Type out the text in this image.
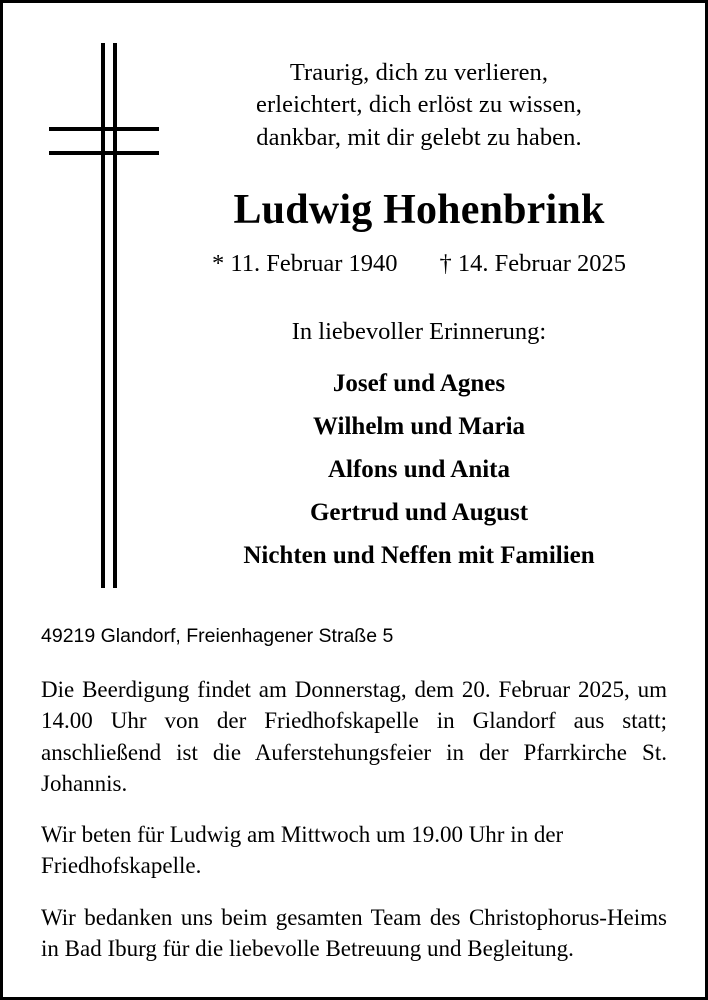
Traurig, dich zu verlieren,
erleichtert, dich erlöst zu wissen,
dankbar, mit dir gelebt zu haben.
Ludwig Hohenbrink
* 11. Februar 1940 † 14. Februar 2025
In liebevoller Erinnerung:
Josef und Agnes
Wilhelm und Maria
Alfons und Anita
Gertrud und August
Nichten und Neffen mit Familien
49219 Glandorf, Freienhagener Straße 5

Die Beerdigung findet am Donnerstag, dem 20. Februar 2025, um 14.00 Uhr von der Friedhofskapelle in Glandorf aus statt; anschließend ist die Auferstehungsfeier in der Pfarrkirche St. Johannis.

Wir beten für Ludwig am Mittwoch um 19.00 Uhr in der Friedhofskapelle.

Wir bedanken uns beim gesamten Team des Christophorus-Heims in Bad Iburg für die liebevolle Betreuung und Begleitung.
